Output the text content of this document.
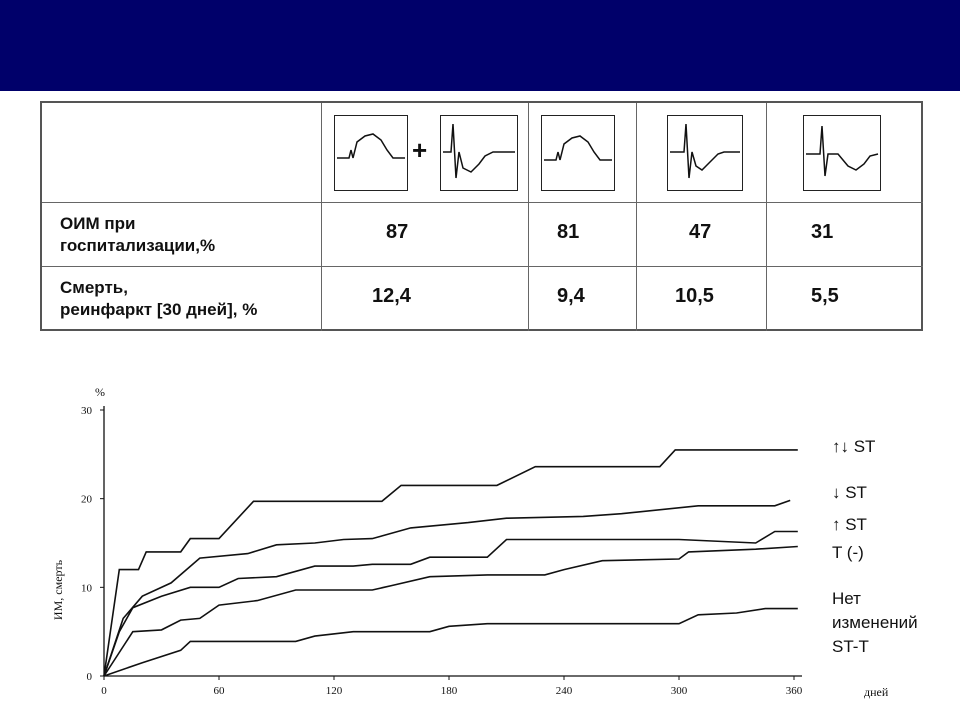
+
ОИМ при
госпитализации,%
87	81	47	31
Смерть,
реинфаркт [30 дней], %
12,4	9,4	10,5	5,5
0	60	120	180	240	300	360
0
10
20
30
↑↓ ST
↓ ST
↑ ST
T (-)
Нет
изменений
ST-T
ИМ, смерть
%
дней
